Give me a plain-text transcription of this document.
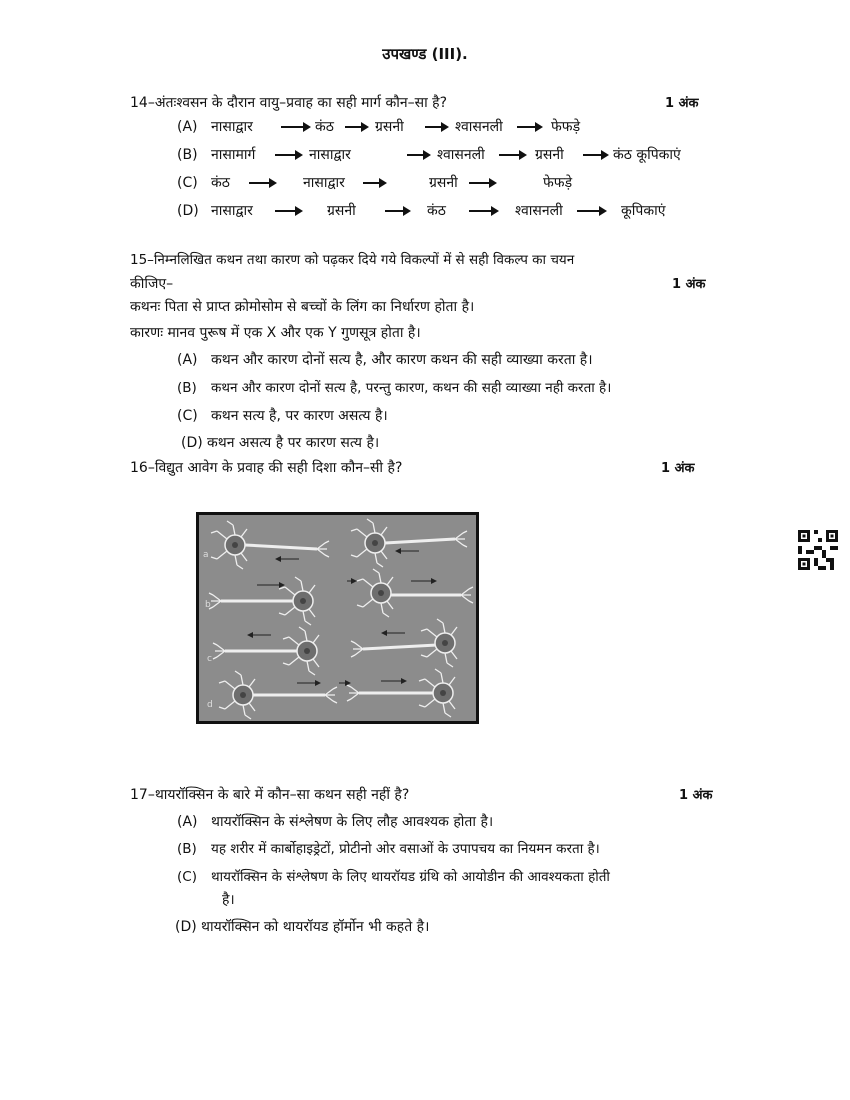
उपखण्ड (III).
14–अंतःश्वसन के दौरान वायु–प्रवाह का सही मार्ग कौन–सा है?	1 अंक
(A) नासाद्वार	कंठ	ग्रसनी	श्वासनली	फेफड़े
(B) नासामार्ग	नासाद्वार	श्वासनली	ग्रसनी	कंठ कूपिकाएं
(C) कंठ	नासाद्वार	ग्रसनी	फेफड़े
(D) नासाद्वार	ग्रसनी	कंठ	श्वासनली	कूपिकाएं
15–निम्नलिखित कथन तथा कारण को पढ़कर दिये गये विकल्पों में से सही विकल्प का चयन
कीजिए–	1 अंक
कथनः पिता से प्राप्त क्रोमोसोम से बच्चों के लिंग का निर्धारण होता है।
कारणः मानव पुरूष में एक X और एक Y गुणसूत्र होता है।
(A) कथन और कारण दोनों सत्य है, और कारण कथन की सही व्याख्या करता है।
(B) कथन और कारण दोनों सत्य है, परन्तु कारण, कथन की सही व्याख्या नही करता है।
(C) कथन सत्य है, पर कारण असत्य है।
(D) कथन असत्य है पर कारण सत्य है।
16–विद्युत आवेग के प्रवाह की सही दिशा कौन–सी है?	1 अंक
a
b
c
d
17–थायरॉक्सिन के बारे में कौन–सा कथन सही नहीं है?	1 अंक
(A) थायरॉक्सिन के संश्लेषण के लिए लौह आवश्यक होता है।
(B) यह शरीर में कार्बोहाइड्रेटों, प्रोटीनो ओर वसाओं के उपापचय का नियमन करता है।
(C) थायरॉक्सिन के संश्लेषण के लिए थायरॉयड ग्रंथि को आयोडीन की आवश्यकता होती
है।
(D) थायरॉक्सिन को थायरॉयड हॉर्मोन भी कहते है।
